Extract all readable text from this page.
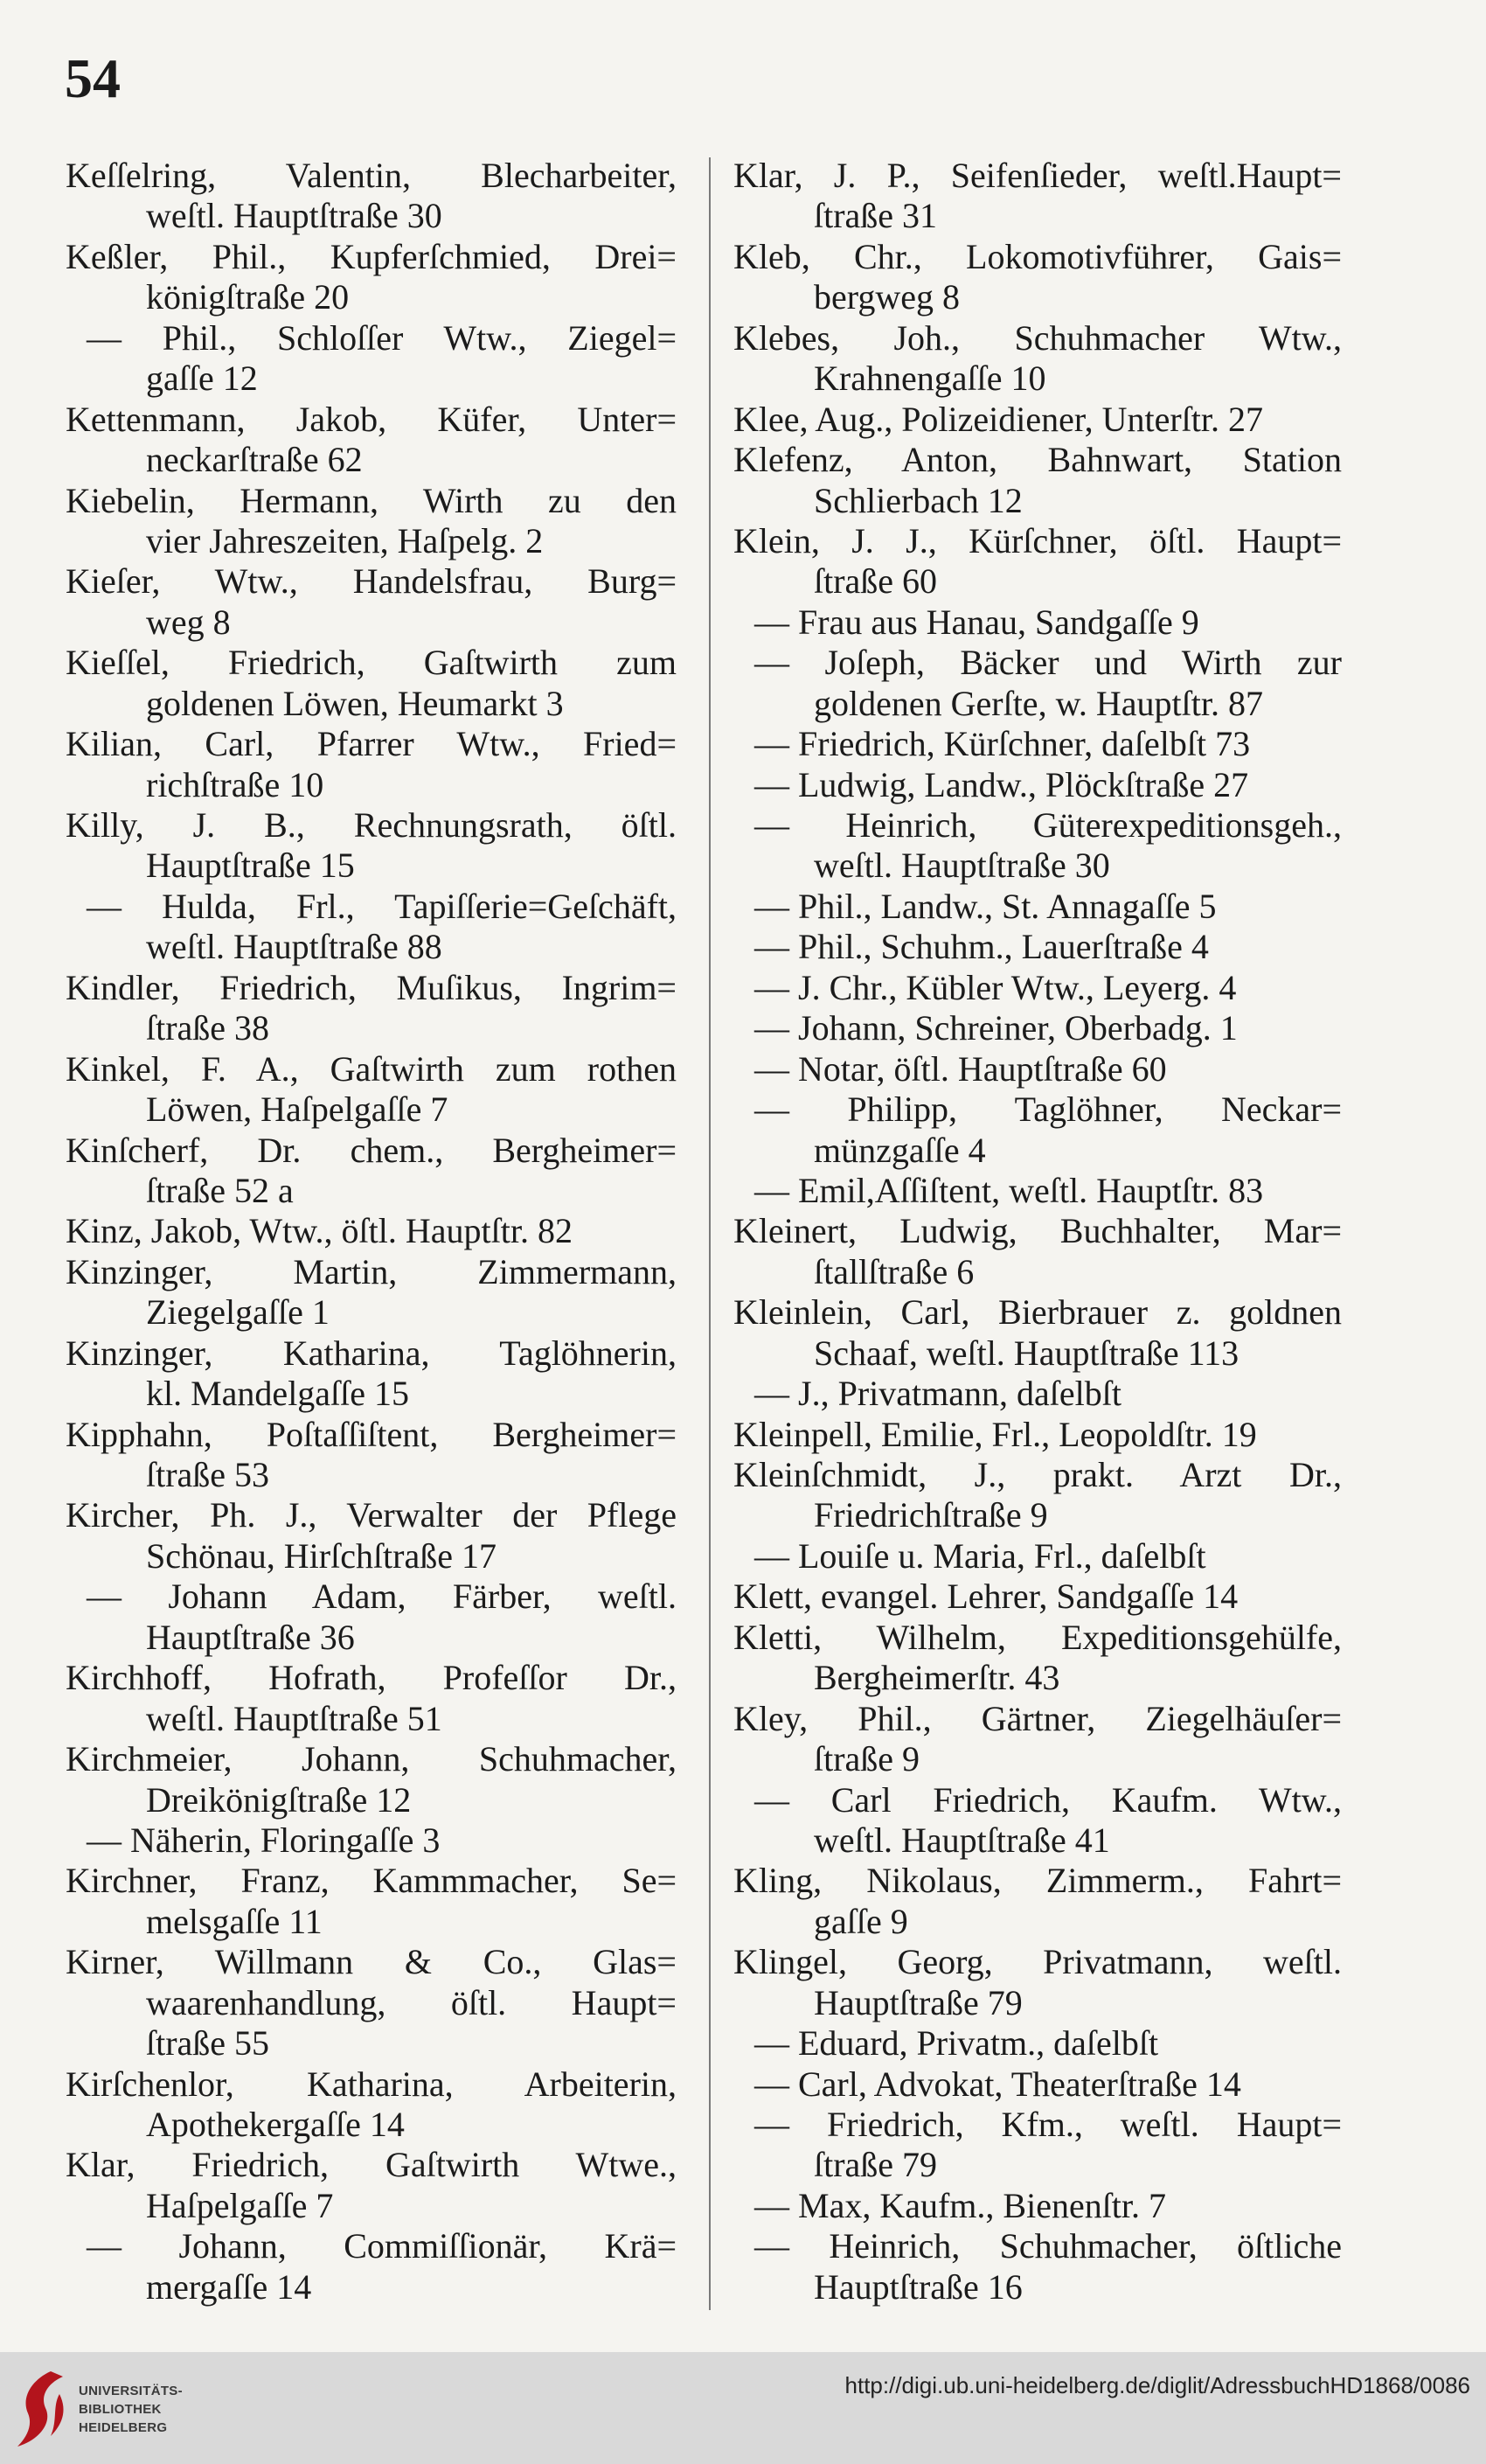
54
Keſſelring, Valentin, Blecharbeiter,
weſtl. Hauptſtraße 30
Keßler, Phil., Kupferſchmied, Drei=
königſtraße 20
— Phil., Schloſſer Wtw., Ziegel=
gaſſe 12
Kettenmann, Jakob, Küfer, Unter=
neckarſtraße 62
Kiebelin, Hermann, Wirth zu den
vier Jahreszeiten, Haſpelg. 2
Kieſer, Wtw., Handelsfrau, Burg=
weg 8
Kieſſel, Friedrich, Gaſtwirth zum
goldenen Löwen, Heumarkt 3
Kilian, Carl, Pfarrer Wtw., Fried=
richſtraße 10
Killy, J. B., Rechnungsrath, öſtl.
Hauptſtraße 15
— Hulda, Frl., Tapiſſerie=Geſchäft,
weſtl. Hauptſtraße 88
Kindler, Friedrich, Muſikus, Ingrim=
ſtraße 38
Kinkel, F. A., Gaſtwirth zum rothen
Löwen, Haſpelgaſſe 7
Kinſcherf, Dr. chem., Bergheimer=
ſtraße 52 a
Kinz, Jakob, Wtw., öſtl. Hauptſtr. 82
Kinzinger, Martin, Zimmermann,
Ziegelgaſſe 1
Kinzinger, Katharina, Taglöhnerin,
kl. Mandelgaſſe 15
Kipphahn, Poſtaſſiſtent, Bergheimer=
ſtraße 53
Kircher, Ph. J., Verwalter der Pflege
Schönau, Hirſchſtraße 17
— Johann Adam, Färber, weſtl.
Hauptſtraße 36
Kirchhoff, Hofrath, Profeſſor Dr.,
weſtl. Hauptſtraße 51
Kirchmeier, Johann, Schuhmacher,
Dreikönigſtraße 12
— Näherin, Floringaſſe 3
Kirchner, Franz, Kammmacher, Se=
melsgaſſe 11
Kirner, Willmann & Co., Glas=
waarenhandlung, öſtl. Haupt=
ſtraße 55
Kirſchenlor, Katharina, Arbeiterin,
Apothekergaſſe 14
Klar, Friedrich, Gaſtwirth Wtwe.,
Haſpelgaſſe 7
— Johann, Commiſſionär, Krä=
mergaſſe 14
Klar, J. P., Seifenſieder, weſtl.Haupt=
ſtraße 31
Kleb, Chr., Lokomotivführer, Gais=
bergweg 8
Klebes, Joh., Schuhmacher Wtw.,
Krahnengaſſe 10
Klee, Aug., Polizeidiener, Unterſtr. 27
Klefenz, Anton, Bahnwart, Station
Schlierbach 12
Klein, J. J., Kürſchner, öſtl. Haupt=
ſtraße 60
— Frau aus Hanau, Sandgaſſe 9
— Joſeph, Bäcker und Wirth zur
goldenen Gerſte, w. Hauptſtr. 87
— Friedrich, Kürſchner, daſelbſt 73
— Ludwig, Landw., Plöckſtraße 27
— Heinrich, Güterexpeditionsgeh.,
weſtl. Hauptſtraße 30
— Phil., Landw., St. Annagaſſe 5
— Phil., Schuhm., Lauerſtraße 4
— J. Chr., Kübler Wtw., Leyerg. 4
— Johann, Schreiner, Oberbadg. 1
— Notar, öſtl. Hauptſtraße 60
— Philipp, Taglöhner, Neckar=
münzgaſſe 4
— Emil,Aſſiſtent, weſtl. Hauptſtr. 83
Kleinert, Ludwig, Buchhalter, Mar=
ſtallſtraße 6
Kleinlein, Carl, Bierbrauer z. goldnen
Schaaf, weſtl. Hauptſtraße 113
— J., Privatmann, daſelbſt
Kleinpell, Emilie, Frl., Leopoldſtr. 19
Kleinſchmidt, J., prakt. Arzt Dr.,
Friedrichſtraße 9
— Louiſe u. Maria, Frl., daſelbſt
Klett, evangel. Lehrer, Sandgaſſe 14
Kletti, Wilhelm, Expeditionsgehülfe,
Bergheimerſtr. 43
Kley, Phil., Gärtner, Ziegelhäuſer=
ſtraße 9
— Carl Friedrich, Kaufm. Wtw.,
weſtl. Hauptſtraße 41
Kling, Nikolaus, Zimmerm., Fahrt=
gaſſe 9
Klingel, Georg, Privatmann, weſtl.
Hauptſtraße 79
— Eduard, Privatm., daſelbſt
— Carl, Advokat, Theaterſtraße 14
— Friedrich, Kfm., weſtl. Haupt=
ſtraße 79
— Max, Kaufm., Bienenſtr. 7
— Heinrich, Schuhmacher, öſtliche
Hauptſtraße 16
UNIVERSITÄTS-
BIBLIOTHEK
HEIDELBERG
http://digi.ub.uni-heidelberg.de/diglit/AdressbuchHD1868/0086
